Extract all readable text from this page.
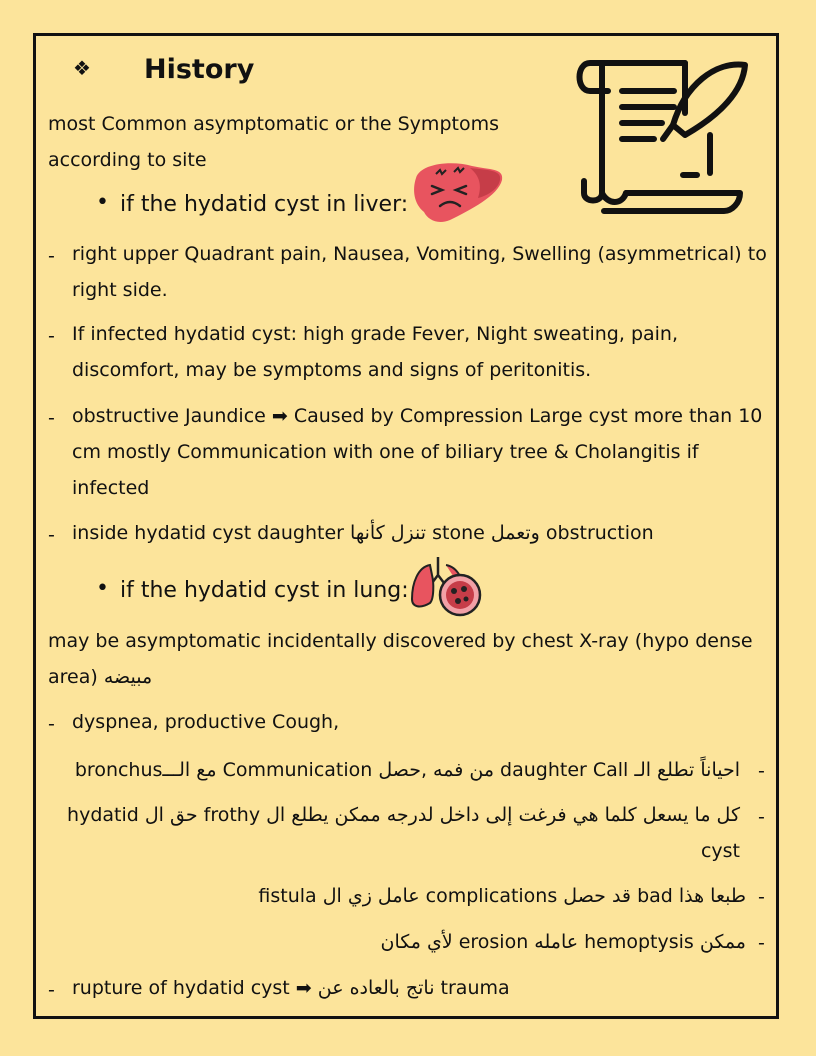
❖ History
most Common asymptomatic or the Symptoms
according to site
• if the hydatid cyst in liver:
- right upper Quadrant pain, Nausea, Vomiting, Swelling (asymmetrical) to
right side.
- If infected hydatid cyst: high grade Fever, Night sweating, pain,
discomfort, may be symptoms and signs of peritonitis.
- obstructive Jaundice ➡ Caused by Compression Large cyst more than 10
cm mostly Communication with one of biliary tree & Cholangitis if
infected
- inside hydatid cyst daughter تنزل كأنها stone وتعمل obstruction
• if the hydatid cyst in lung:
may be asymptomatic incidentally discovered by chest X-ray (hypo dense
area) مبيضه
- dyspnea, productive Cough,
-
احياناً تطلع الـ daughter Call من فمه ,حصل Communication مع الـــbronchus
-
كل ما يسعل كلما هي فرغت إلى داخل لدرجه ممكن يطلع ال frothy حق ال hydatid
cyst
-
طبعا هذا bad قد حصل complications عامل زي ال fistula
-
ممكن hemoptysis عامله erosion لأي مكان
- rupture of hydatid cyst ➡ ناتج بالعاده عن trauma
